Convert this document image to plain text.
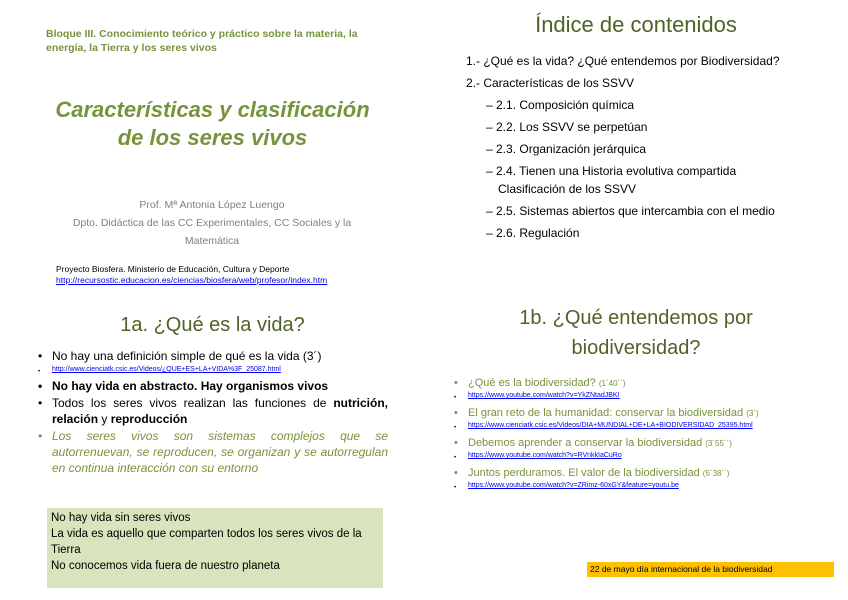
Bloque III. Conocimiento teórico y práctico sobre la materia, la energía, la Tierra y los seres vivos
Características y clasificación de los seres vivos
Prof. Mª Antonia López Luengo
Dpto. Didáctica de las CC Experimentales, CC Sociales y la Matemática
Proyecto Biosfera. Ministerio de Educación, Cultura y Deporte
http://recursostic.educacion.es/ciencias/biosfera/web/profesor/index.htm
1a. ¿Qué es la vida?
• No hay una definición simple de qué es la vida (3´)
• http://www.cienciatk.csic.es/Videos/¿QUE+ES+LA+VIDA%3F_25087.html
• No hay vida en abstracto. Hay organismos vivos
• Todos los seres vivos realizan las funciones de nutrición, relación y reproducción
• Los seres vivos son sistemas complejos que se autorrenuevan, se reproducen, se organizan y se autorregulan en continua interacción con su entorno
No hay vida sin seres vivos
La vida es aquello que comparten todos los seres vivos de la Tierra
No conocemos vida fuera de nuestro planeta
Índice de contenidos
1.- ¿Qué es la vida? ¿Qué entendemos por Biodiversidad?
2.- Características de los SSVV
– 2.1. Composición química
– 2.2. Los SSVV se perpetúan
– 2.3. Organización jerárquica
– 2.4. Tienen una Historia evolutiva compartida Clasificación de los SSVV
– 2.5. Sistemas abiertos que intercambia con el medio
– 2.6. Regulación
1b. ¿Qué entendemos por biodiversidad?
• ¿Qué es la biodiversidad? (1´40´´)
• https://www.youtube.com/watch?v=YkZNtadJBKI
• El gran reto de la humanidad: conservar la biodiversidad (3´)
• https://www.cienciatk.csic.es/Videos/DIA+MUNDIAL+DE+LA+BIODIVERSIDAD_25395.html
• Debemos aprender a conservar la biodiversidad (3´55´´)
• https://www.youtube.com/watch?v=RVnkkIaCuRo
• Juntos perduramos. El valor de la biodiversidad (5´38´´)
• https://www.youtube.com/watch?v=ZRimz-60xGY&feature=youtu.be
22 de mayo día internacional de la biodiversidad
